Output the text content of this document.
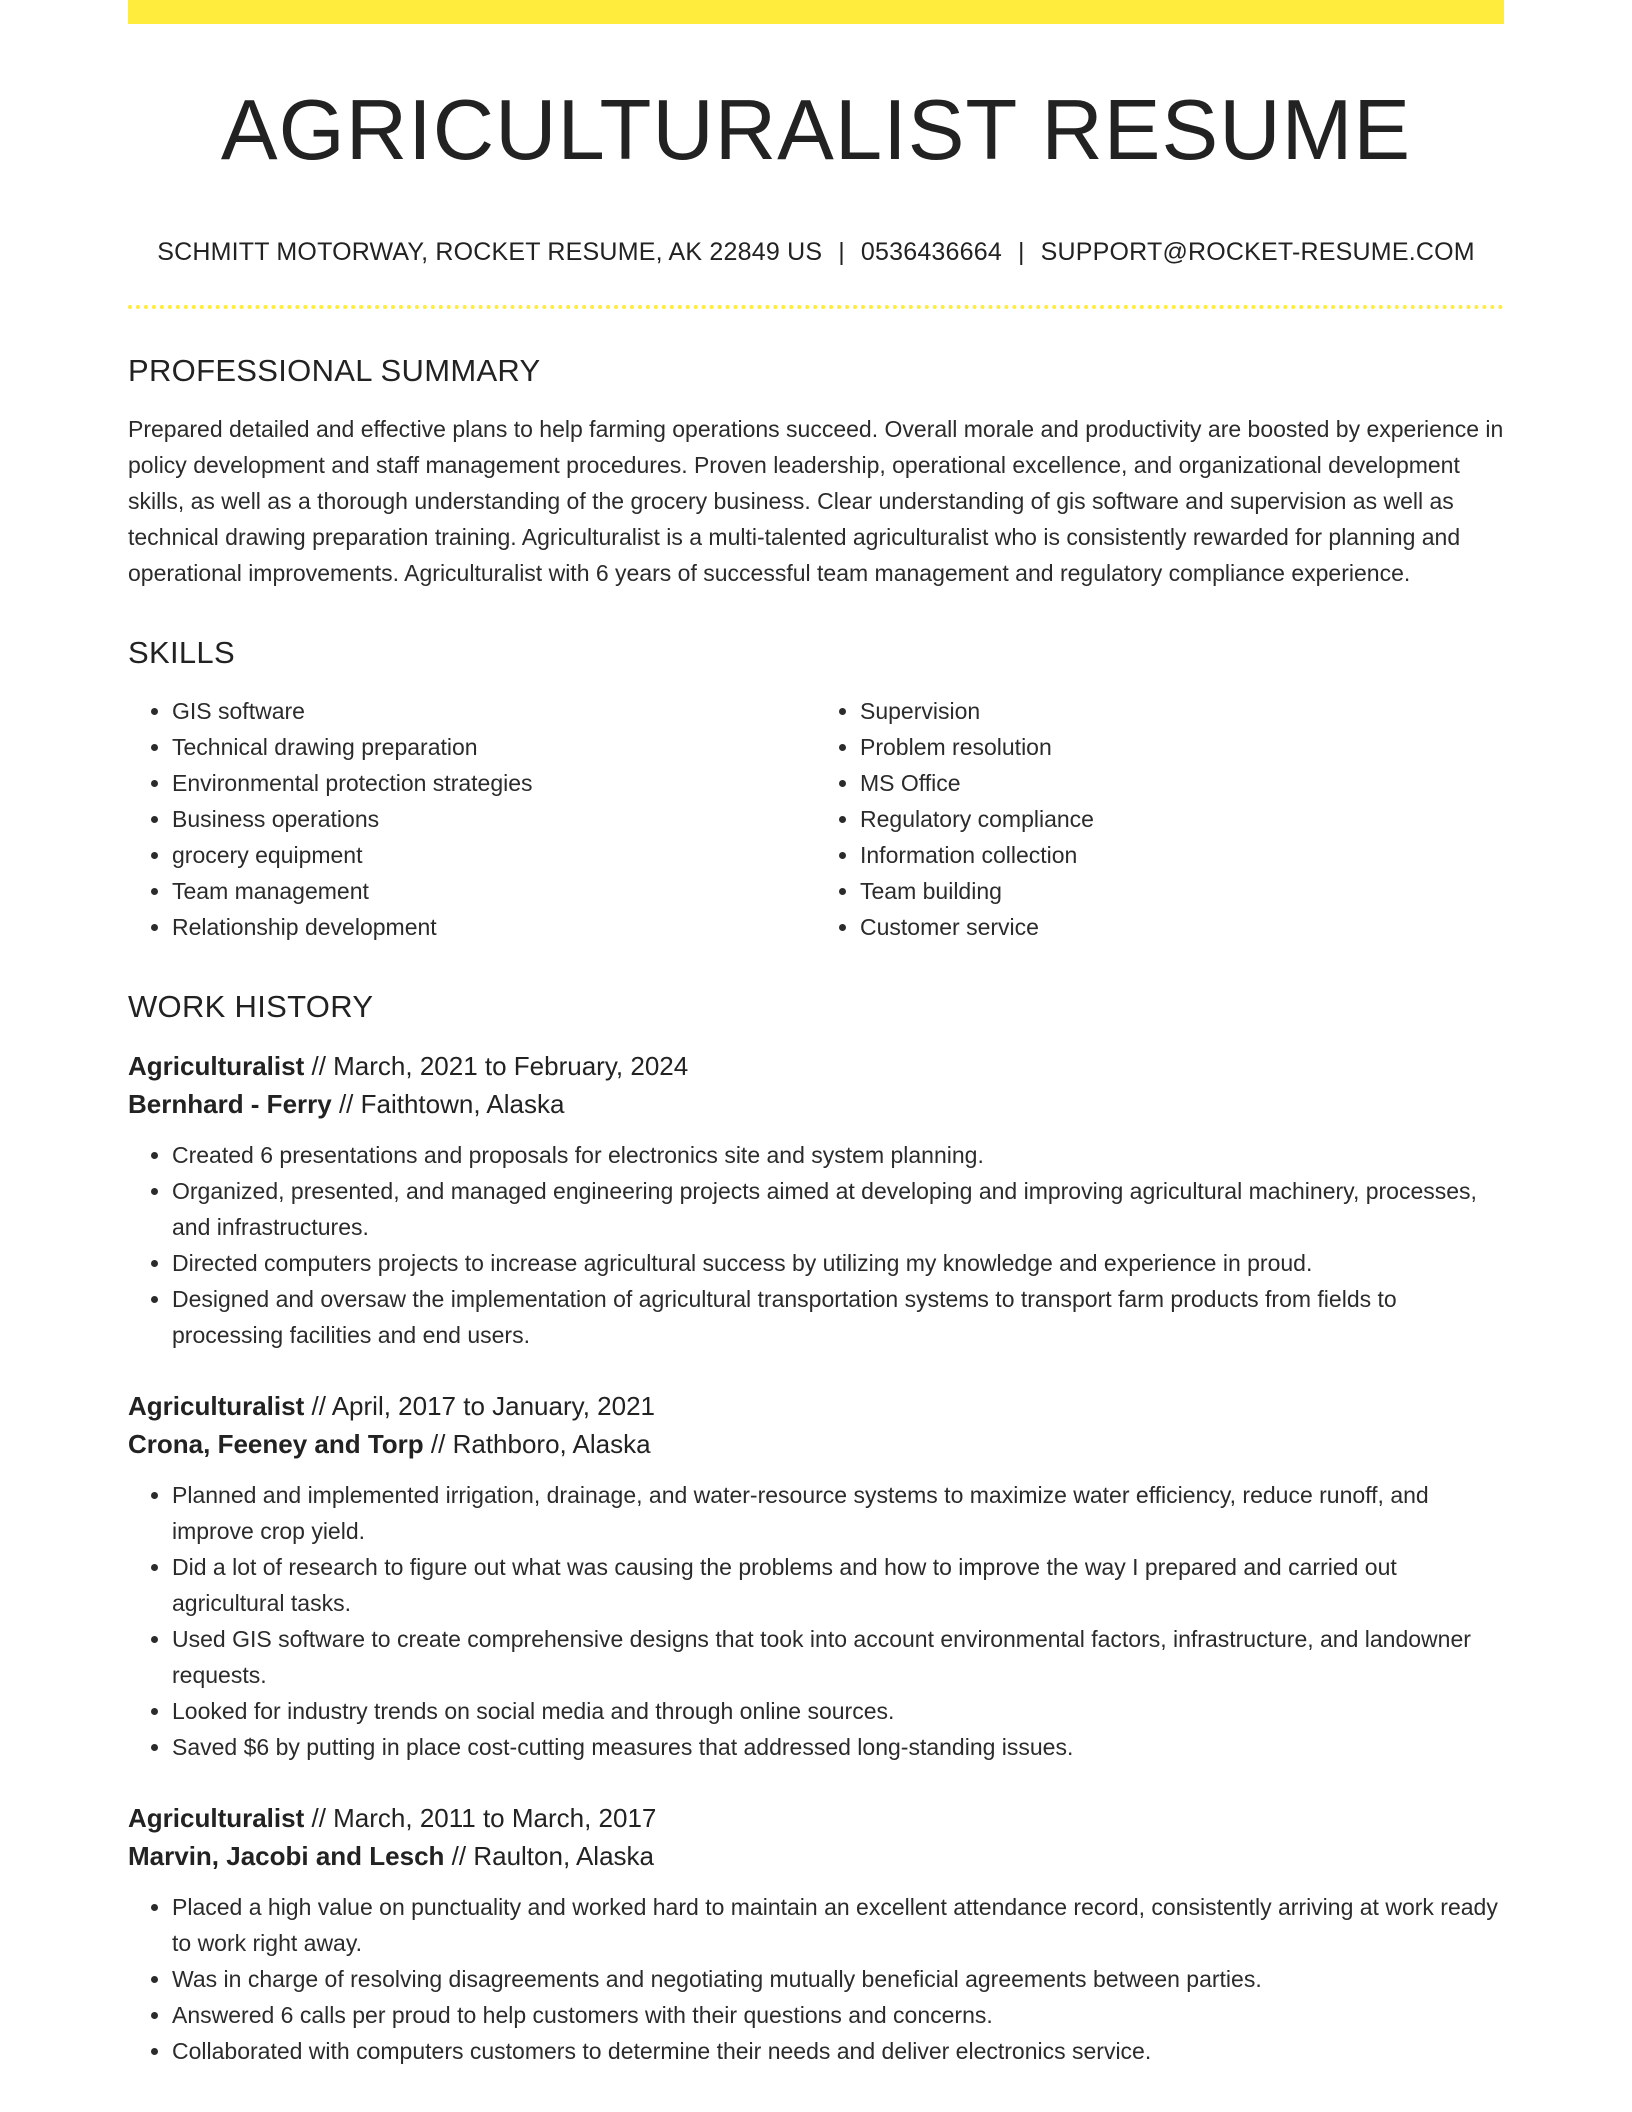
AGRICULTURALIST RESUME
SCHMITT MOTORWAY, ROCKET RESUME, AK 22849 US | 0536436664 | SUPPORT@ROCKET-RESUME.COM
PROFESSIONAL SUMMARY

Prepared detailed and effective plans to help farming operations succeed. Overall morale and productivity are boosted by experience in policy development and staff management procedures. Proven leadership, operational excellence, and organizational development skills, as well as a thorough understanding of the grocery business. Clear understanding of gis software and supervision as well as technical drawing preparation training. Agriculturalist is a multi-talented agriculturalist who is consistently rewarded for planning and operational improvements. Agriculturalist with 6 years of successful team management and regulatory compliance experience.

SKILLS
• GIS software
• Technical drawing preparation
• Environmental protection strategies
• Business operations
• grocery equipment
• Team management
• Relationship development
• Supervision
• Problem resolution
• MS Office
• Regulatory compliance
• Information collection
• Team building
• Customer service
WORK HISTORY
Agriculturalist // March, 2021 to February, 2024
Bernhard - Ferry // Faithtown, Alaska
• Created 6 presentations and proposals for electronics site and system planning.
• Organized, presented, and managed engineering projects aimed at developing and improving agricultural machinery, processes, and infrastructures.
• Directed computers projects to increase agricultural success by utilizing my knowledge and experience in proud.
• Designed and oversaw the implementation of agricultural transportation systems to transport farm products from fields to processing facilities and end users.
Agriculturalist // April, 2017 to January, 2021
Crona, Feeney and Torp // Rathboro, Alaska
• Planned and implemented irrigation, drainage, and water-resource systems to maximize water efficiency, reduce runoff, and improve crop yield.
• Did a lot of research to figure out what was causing the problems and how to improve the way I prepared and carried out agricultural tasks.
• Used GIS software to create comprehensive designs that took into account environmental factors, infrastructure, and landowner requests.
• Looked for industry trends on social media and through online sources.
• Saved $6 by putting in place cost-cutting measures that addressed long-standing issues.
Agriculturalist // March, 2011 to March, 2017
Marvin, Jacobi and Lesch // Raulton, Alaska
• Placed a high value on punctuality and worked hard to maintain an excellent attendance record, consistently arriving at work ready to work right away.
• Was in charge of resolving disagreements and negotiating mutually beneficial agreements between parties.
• Answered 6 calls per proud to help customers with their questions and concerns.
• Collaborated with computers customers to determine their needs and deliver electronics service.
